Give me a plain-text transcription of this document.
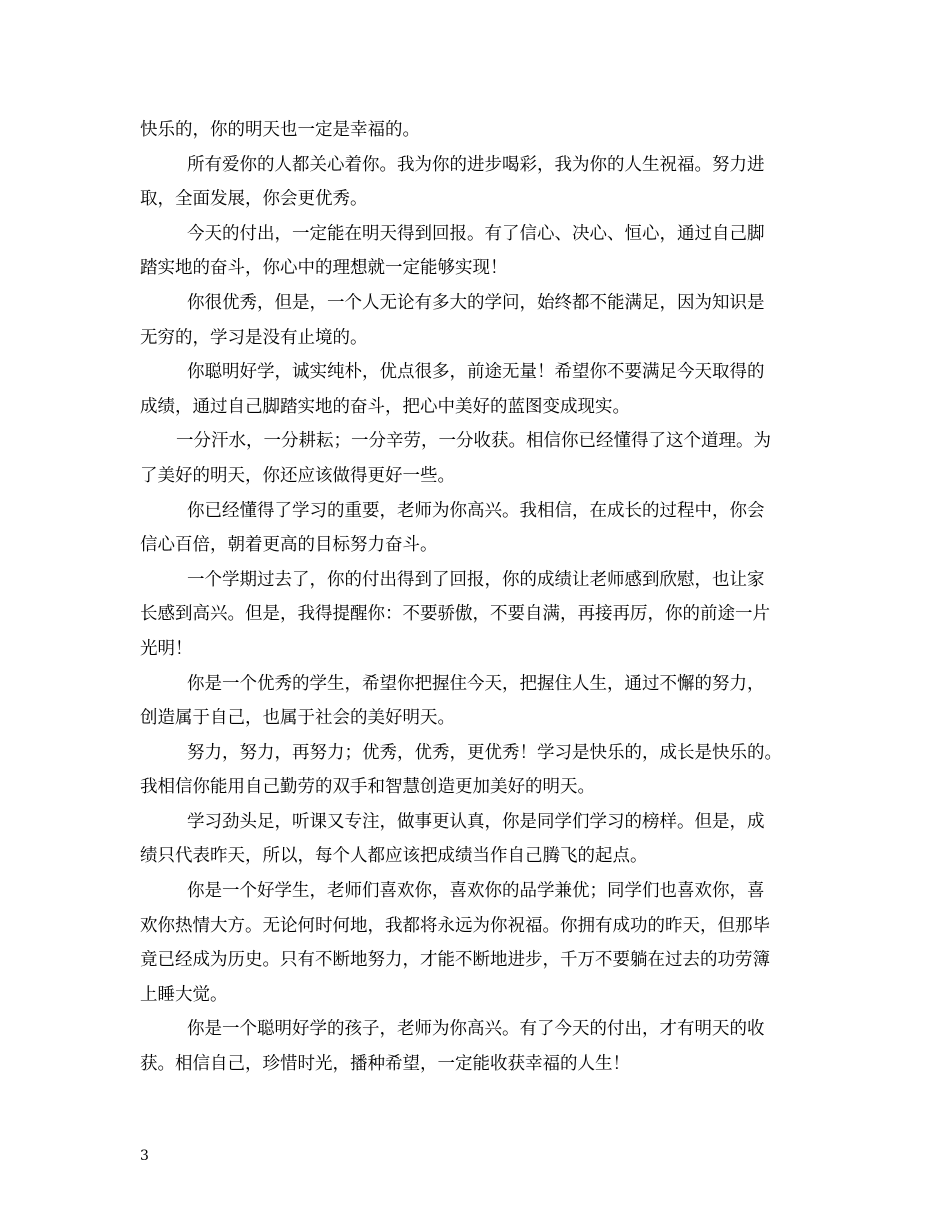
快乐的，你的明天也一定是幸福的。
所有爱你的人都关心着你。我为你的进步喝彩，我为你的人生祝福。努力进
取，全面发展，你会更优秀。
今天的付出，一定能在明天得到回报。有了信心、决心、恒心，通过自己脚
踏实地的奋斗，你心中的理想就一定能够实现！
你很优秀，但是，一个人无论有多大的学问，始终都不能满足，因为知识是
无穷的，学习是没有止境的。
你聪明好学，诚实纯朴，优点很多，前途无量！希望你不要满足今天取得的
成绩，通过自己脚踏实地的奋斗，把心中美好的蓝图变成现实。
一分汗水，一分耕耘；一分辛劳，一分收获。相信你已经懂得了这个道理。为
了美好的明天，你还应该做得更好一些。
你已经懂得了学习的重要，老师为你高兴。我相信，在成长的过程中，你会
信心百倍，朝着更高的目标努力奋斗。
一个学期过去了，你的付出得到了回报，你的成绩让老师感到欣慰，也让家
长感到高兴。但是，我得提醒你：不要骄傲，不要自满，再接再厉，你的前途一片
光明！
你是一个优秀的学生，希望你把握住今天，把握住人生，通过不懈的努力，
创造属于自己，也属于社会的美好明天。
努力，努力，再努力；优秀，优秀，更优秀！学习是快乐的，成长是快乐的。
我相信你能用自己勤劳的双手和智慧创造更加美好的明天。
学习劲头足，听课又专注，做事更认真，你是同学们学习的榜样。但是，成
绩只代表昨天，所以，每个人都应该把成绩当作自己腾飞的起点。
你是一个好学生，老师们喜欢你，喜欢你的品学兼优；同学们也喜欢你，喜
欢你热情大方。无论何时何地，我都将永远为你祝福。你拥有成功的昨天，但那毕
竟已经成为历史。只有不断地努力，才能不断地进步，千万不要躺在过去的功劳簿
上睡大觉。
你是一个聪明好学的孩子，老师为你高兴。有了今天的付出，才有明天的收
获。相信自己，珍惜时光，播种希望，一定能收获幸福的人生！
3
